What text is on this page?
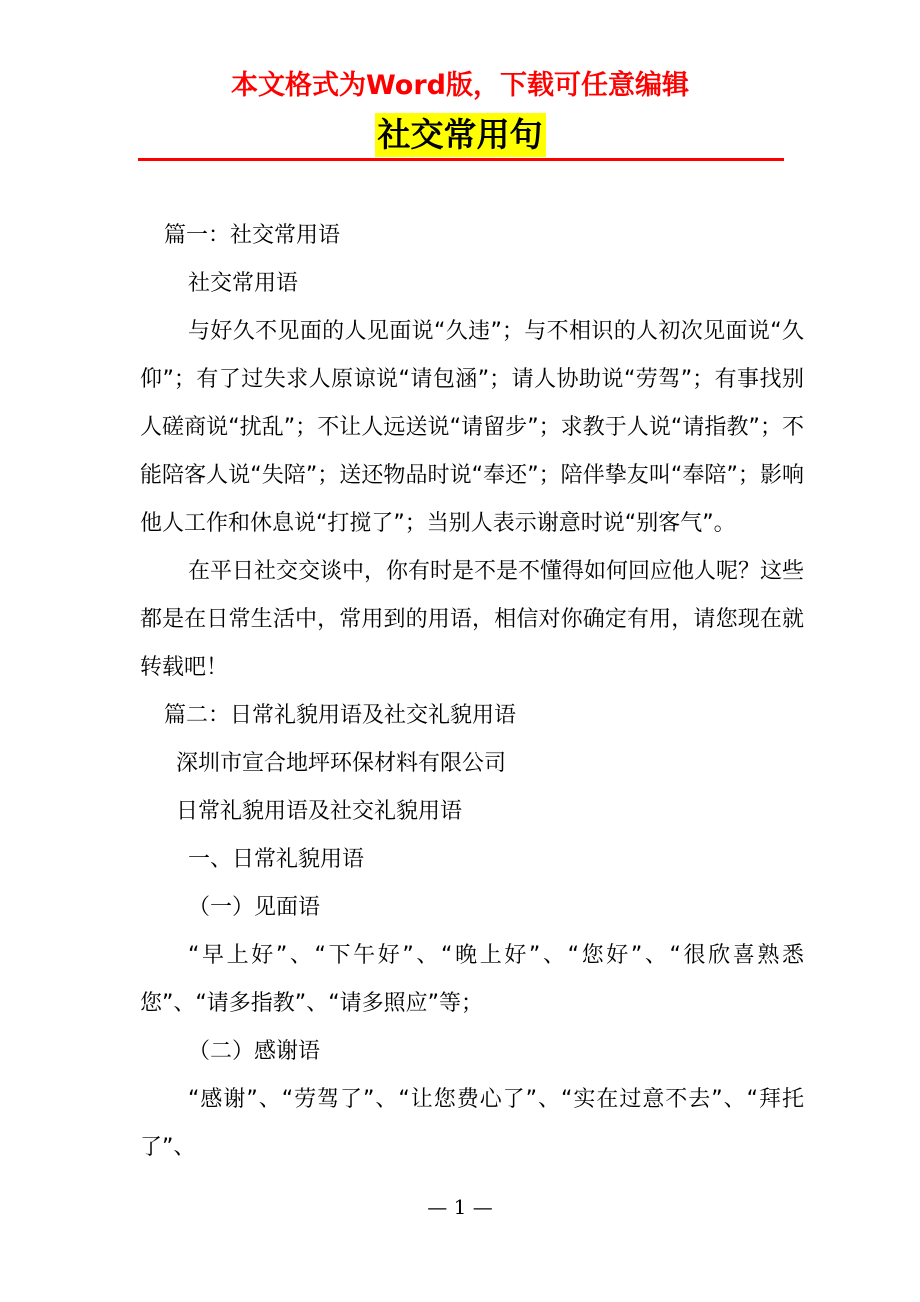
本文格式为Word版，下载可任意编辑
社交常用句

篇一：社交常用语

社交常用语

与好久不见面的人见面说“久违”；与不相识的人初次见面说“久仰”；有了过失求人原谅说“请包涵”；请人协助说“劳驾”；有事找别人磋商说“扰乱”；不让人远送说“请留步”；求教于人说“请指教”；不能陪客人说“失陪”；送还物品时说“奉还”；陪伴挚友叫“奉陪”；影响他人工作和休息说“打搅了”；当别人表示谢意时说“别客气”。

在平日社交交谈中，你有时是不是不懂得如何回应他人呢？这些都是在日常生活中，常用到的用语，相信对你确定有用，请您现在就转载吧！

篇二：日常礼貌用语及社交礼貌用语

深圳市宣合地坪环保材料有限公司

日常礼貌用语及社交礼貌用语

一、日常礼貌用语

（一）见面语

“早上好”、“下午好”、“晚上好”、“您好”、“很欣喜熟悉您”、“请多指教”、“请多照应”等；

（二）感谢语

“感谢”、“劳驾了”、“让您费心了”、“实在过意不去”、“拜托了”、

— 1 —
